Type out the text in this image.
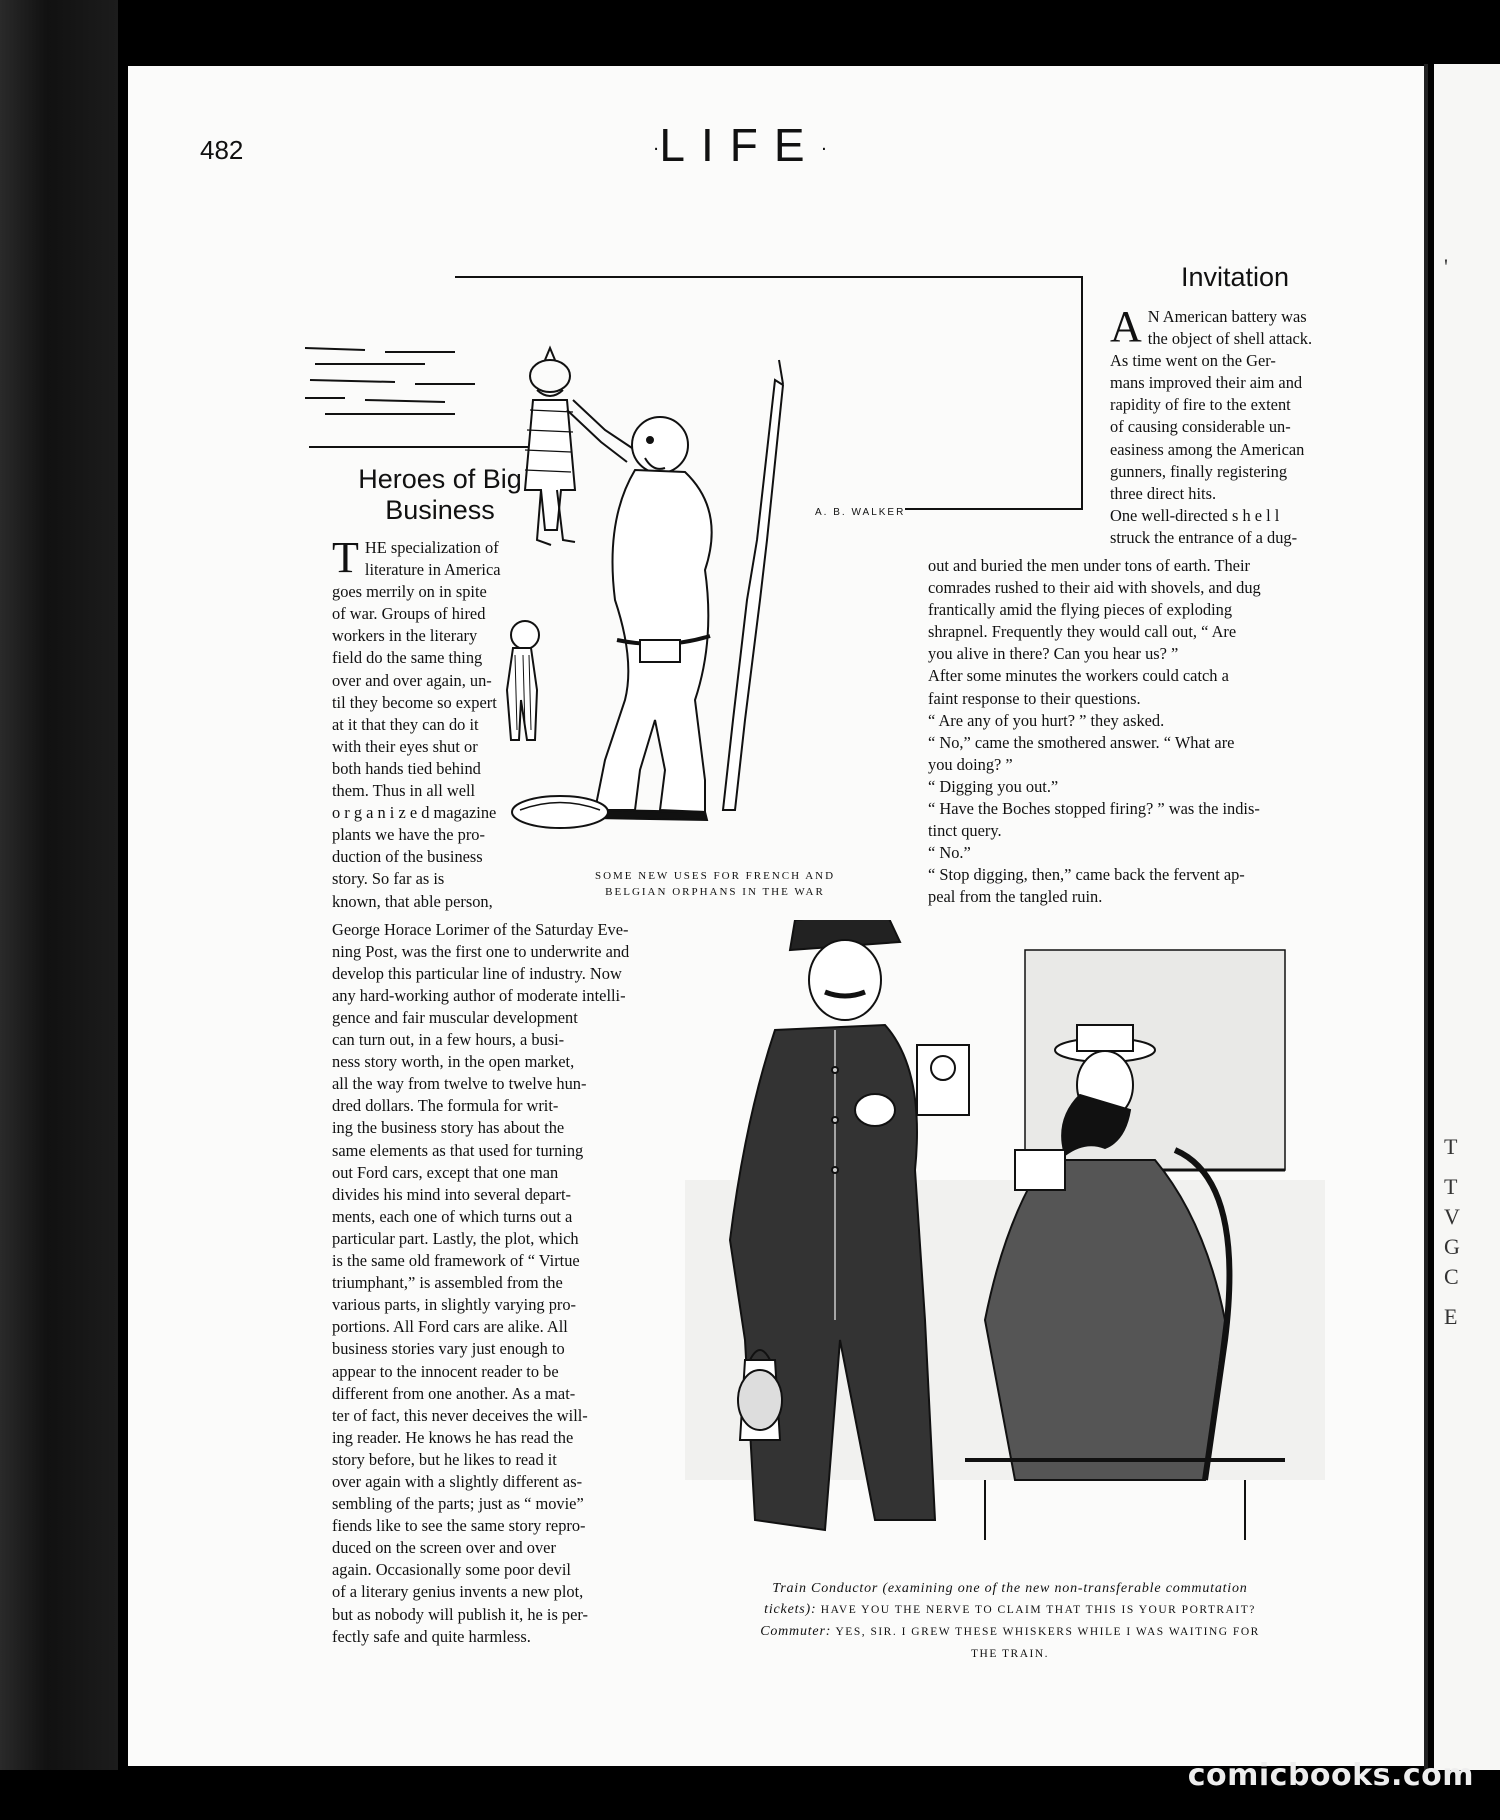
'
T
T
V
G
C
E
comicbooks.com
482	·LIFE·
A. B. WALKER
SOME NEW USES FOR FRENCH AND
BELGIAN ORPHANS IN THE WAR
Invitation
A N American battery was
the object of shell attack.
As time went on the Ger-
mans improved their aim and
rapidity of fire to the extent
of causing considerable un-
easiness among the American
gunners, finally registering
three direct hits.
One well-directed s h e l l
struck the entrance of a dug-
out and buried the men under tons of earth. Their
comrades rushed to their aid with shovels, and dug
frantically amid the flying pieces of exploding
shrapnel. Frequently they would call out, “ Are
you alive in there? Can you hear us? ”
After some minutes the workers could catch a
faint response to their questions.
“ Are any of you hurt? ” they asked.
“ No,” came the smothered answer. “ What are
you doing? ”
“ Digging you out.”
“ Have the Boches stopped firing? ” was the indis-
tinct query.
“ No.”
“ Stop digging, then,” came back the fervent ap-
peal from the tangled ruin.
Heroes of Big
Business
T HE specialization of
literature in America
goes merrily on in spite
of war. Groups of hired
workers in the literary
field do the same thing
over and over again, un-
til they become so expert
at it that they can do it
with their eyes shut or
both hands tied behind
them. Thus in all well
o r g a n i z e d magazine
plants we have the pro-
duction of the business
story. So far as is
known, that able person,
George Horace Lorimer of the Saturday Eve-
ning Post, was the first one to underwrite and
develop this particular line of industry. Now
any hard-working author of moderate intelli-
gence and fair muscular development
can turn out, in a few hours, a busi-
ness story worth, in the open market,
all the way from twelve to twelve hun-
dred dollars. The formula for writ-
ing the business story has about the
same elements as that used for turning
out Ford cars, except that one man
divides his mind into several depart-
ments, each one of which turns out a
particular part. Lastly, the plot, which
is the same old framework of “ Virtue
triumphant,” is assembled from the
various parts, in slightly varying pro-
portions. All Ford cars are alike. All
business stories vary just enough to
appear to the innocent reader to be
different from one another. As a mat-
ter of fact, this never deceives the will-
ing reader. He knows he has read the
story before, but he likes to read it
over again with a slightly different as-
sembling of the parts; just as “ movie”
fiends like to see the same story repro-
duced on the screen over and over
again. Occasionally some poor devil
of a literary genius invents a new plot,
but as nobody will publish it, he is per-
fectly safe and quite harmless.
Train Conductor (examining one of the new non-transferable commutation
tickets): HAVE YOU THE NERVE TO CLAIM THAT THIS IS YOUR PORTRAIT?
Commuter: YES, SIR. I GREW THESE WHISKERS WHILE I WAS WAITING FOR
THE TRAIN.
